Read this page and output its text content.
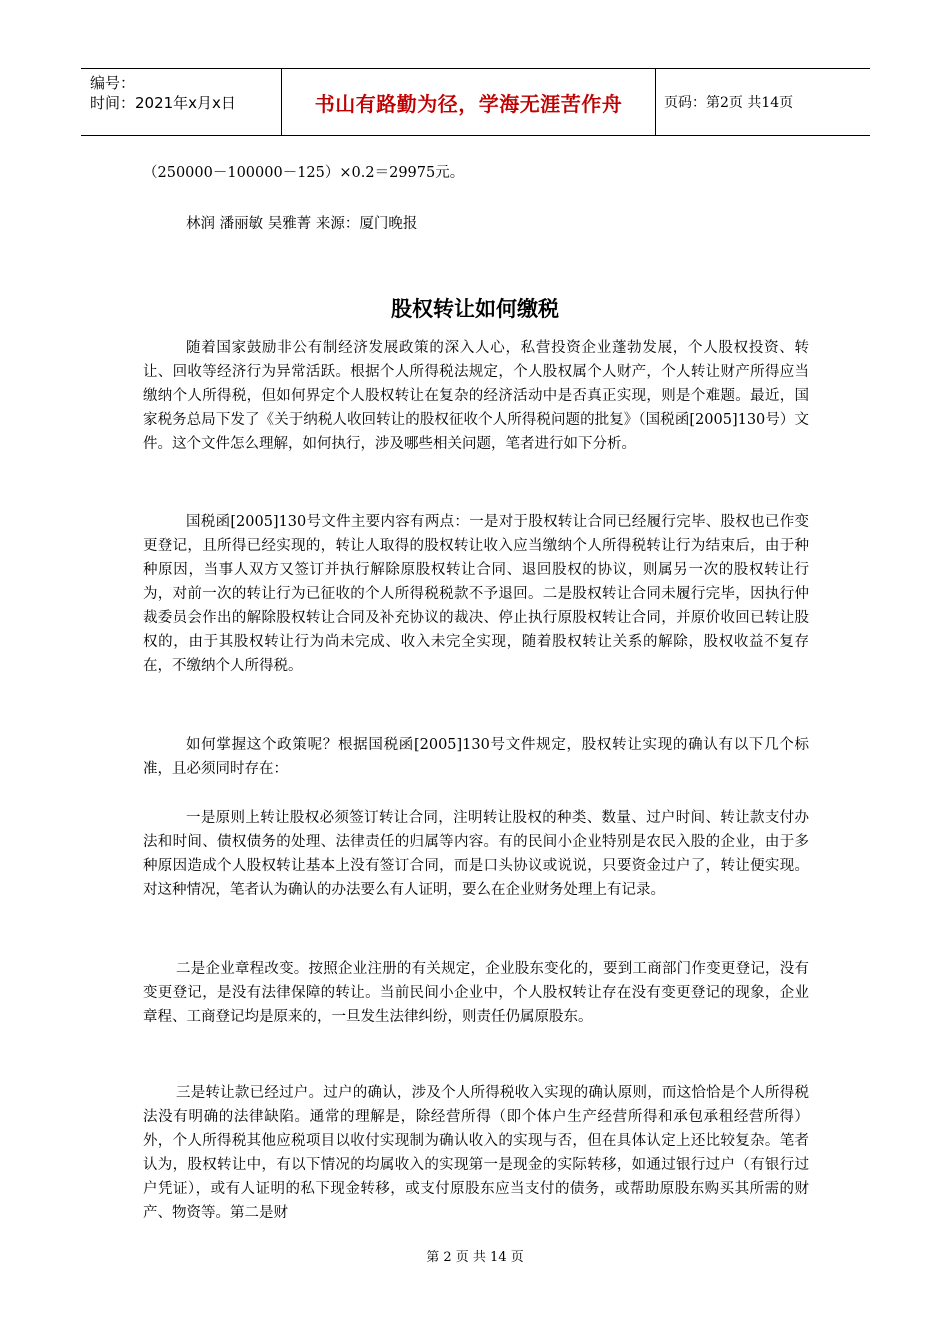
编号：
时间：2021年x月x日	书山有路勤为径，学海无涯苦作舟	页码：第2页 共14页
（250000－100000－125）×0.2＝29975元。
林润 潘丽敏 吴雅菁 来源：厦门晚报
股权转让如何缴税
随着国家鼓励非公有制经济发展政策的深入人心，私营投资企业蓬勃发展，个人股权投资、转让、回收等经济行为异常活跃。根据个人所得税法规定，个人股权属个人财产，个人转让财产所得应当缴纳个人所得税，但如何界定个人股权转让在复杂的经济活动中是否真正实现，则是个难题。最近，国家税务总局下发了《关于纳税人收回转让的股权征收个人所得税问题的批复》（国税函[2005]130号）文件。这个文件怎么理解，如何执行，涉及哪些相关问题，笔者进行如下分析。
国税函[2005]130号文件主要内容有两点：一是对于股权转让合同已经履行完毕、股权也已作变更登记，且所得已经实现的，转让人取得的股权转让收入应当缴纳个人所得税转让行为结束后，由于种种原因，当事人双方又签订并执行解除原股权转让合同、退回股权的协议，则属另一次的股权转让行为，对前一次的转让行为已征收的个人所得税税款不予退回。二是股权转让合同未履行完毕，因执行仲裁委员会作出的解除股权转让合同及补充协议的裁决、停止执行原股权转让合同，并原价收回已转让股权的，由于其股权转让行为尚未完成、收入未完全实现，随着股权转让关系的解除，股权收益不复存在，不缴纳个人所得税。
如何掌握这个政策呢？根据国税函[2005]130号文件规定，股权转让实现的确认有以下几个标准，且必须同时存在：
一是原则上转让股权必须签订转让合同，注明转让股权的种类、数量、过户时间、转让款支付办法和时间、债权债务的处理、法律责任的归属等内容。有的民间小企业特别是农民入股的企业，由于多种原因造成个人股权转让基本上没有签订合同，而是口头协议或说说，只要资金过户了，转让便实现。对这种情况，笔者认为确认的办法要么有人证明，要么在企业财务处理上有记录。
二是企业章程改变。按照企业注册的有关规定，企业股东变化的，要到工商部门作变更登记，没有变更登记，是没有法律保障的转让。当前民间小企业中，个人股权转让存在没有变更登记的现象，企业章程、工商登记均是原来的，一旦发生法律纠纷，则责任仍属原股东。
三是转让款已经过户。过户的确认，涉及个人所得税收入实现的确认原则，而这恰恰是个人所得税法没有明确的法律缺陷。通常的理解是，除经营所得（即个体户生产经营所得和承包承租经营所得）外，个人所得税其他应税项目以收付实现制为确认收入的实现与否，但在具体认定上还比较复杂。笔者认为，股权转让中，有以下情况的均属收入的实现第一是现金的实际转移，如通过银行过户（有银行过户凭证），或有人证明的私下现金转移，或支付原股东应当支付的债务，或帮助原股东购买其所需的财产、物资等。第二是财
第 2 页 共 14 页
